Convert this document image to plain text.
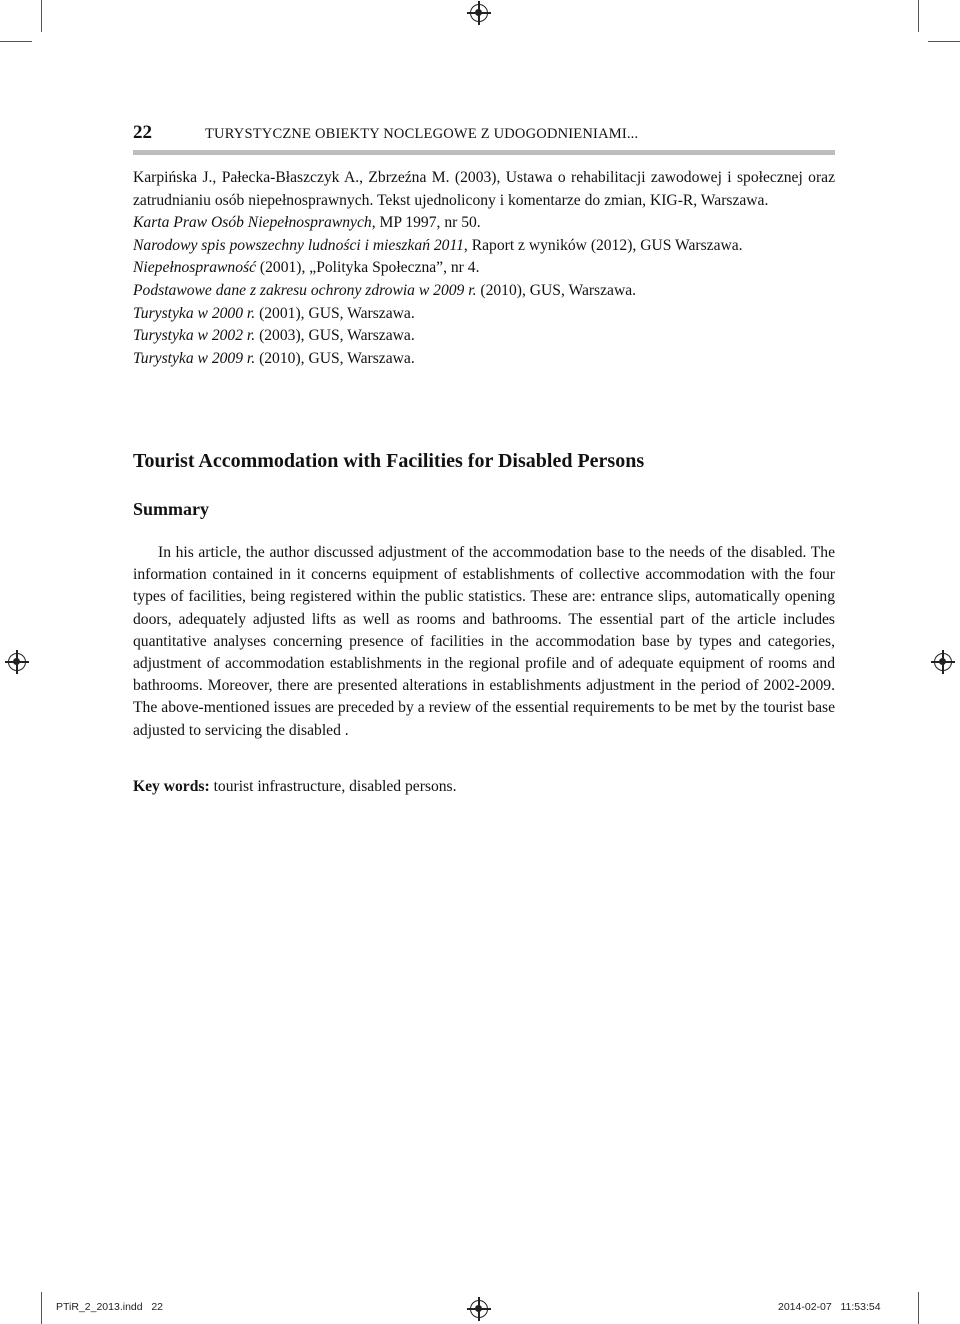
22	TURYSTYCZNE OBIEKTY NOCLEGOWE Z UDOGODNIENIAMI...

Karpińska J., Pałecka-Błaszczyk A., Zbrzeźna M. (2003), Ustawa o rehabilitacji zawodowej i społecznej oraz zatrudnianiu osób niepełnosprawnych. Tekst ujednolicony i komentarze do zmian, KIG-R, Warszawa.

Karta Praw Osób Niepełnosprawnych, MP 1997, nr 50.

Narodowy spis powszechny ludności i mieszkań 2011, Raport z wyników (2012), GUS Warszawa.

Niepełnosprawność (2001), „Polityka Społeczna”, nr 4.

Podstawowe dane z zakresu ochrony zdrowia w 2009 r. (2010), GUS, Warszawa.

Turystyka w 2000 r. (2001), GUS, Warszawa.

Turystyka w 2002 r. (2003), GUS, Warszawa.

Turystyka w 2009 r. (2010), GUS, Warszawa.

Tourist Accommodation with Facilities for Disabled Persons
Summary

In his article, the author discussed adjustment of the accommodation base to the needs of the disabled. The information contained in it concerns equipment of establishments of collective accommodation with the four types of facilities, being registered within the public statistics. These are: entrance slips, automatically opening doors, adequately adjusted lifts as well as rooms and bathrooms. The essential part of the article includes quantitative analyses concerning presence of facilities in the accommodation base by types and categories, adjustment of accommodation establishments in the regional profile and of adequate equipment of rooms and bathrooms. Moreover, there are presented alterations in establishments adjustment in the period of 2002-2009. The above-mentioned issues are preceded by a review of the essential requirements to be met by the tourist base adjusted to servicing the disabled .

Key words: tourist infrastructure, disabled persons.
PTiR_2_2013.indd   22	2014-02-07   11:53:54
